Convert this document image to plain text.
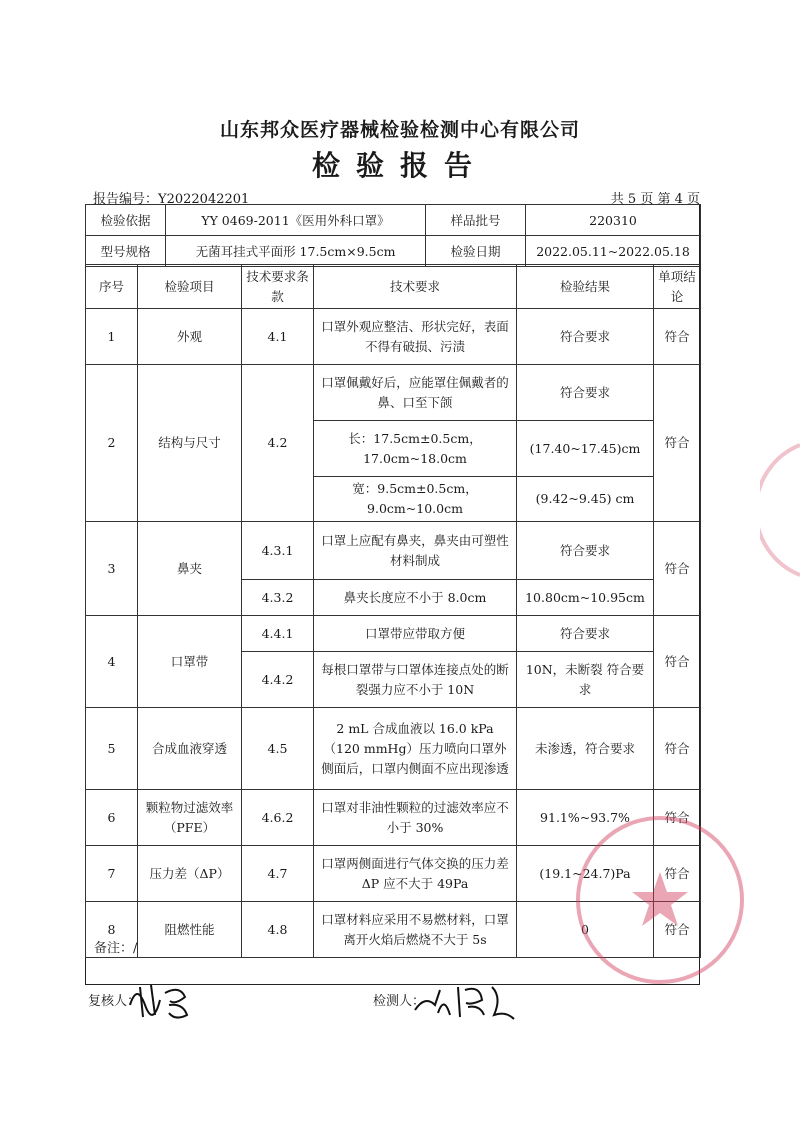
山东邦众医疗器械检验检测中心有限公司
检验报告
报告编号：Y2022042201	共 5 页 第 4 页
检验依据	YY 0469-2011《医用外科口罩》	样品批号	220310
型号规格	无菌耳挂式平面形 17.5cm×9.5cm	检验日期	2022.05.11~2022.05.18
序号	检验项目	技术要求条款	技术要求	检验结果	单项结论
1	外观	4.1	口罩外观应整洁、形状完好，表面不得有破损、污渍	符合要求	符合
2	结构与尺寸	4.2	口罩佩戴好后，应能罩住佩戴者的鼻、口至下颌	符合要求	符合
			长：17.5cm±0.5cm，17.0cm~18.0cm	(17.40~17.45)cm	
			宽：9.5cm±0.5cm，9.0cm~10.0cm	(9.42~9.45) cm	
3	鼻夹	4.3.1	口罩上应配有鼻夹，鼻夹由可塑性材料制成	符合要求	符合
		4.3.2	鼻夹长度应不小于 8.0cm	10.80cm~10.95cm	
4	口罩带	4.4.1	口罩带应带取方便	符合要求	符合
		4.4.2	每根口罩带与口罩体连接点处的断裂强力应不小于 10N	10N，未断裂 符合要求	
5	合成血液穿透	4.5	2 mL 合成血液以 16.0 kPa（120 mmHg）压力喷向口罩外侧面后，口罩内侧面不应出现渗透	未渗透，符合要求	符合
6	颗粒物过滤效率（PFE）	4.6.2	口罩对非油性颗粒的过滤效率应不小于 30%	91.1%~93.7%	符合
7	压力差（ΔP）	4.7	口罩两侧面进行气体交换的压力差ΔP 应不大于 49Pa	(19.1~24.7)Pa	符合
8	阻燃性能	4.8	口罩材料应采用不易燃材料，口罩离开火焰后燃烧不大于 5s	0	符合
备注：/
复核人：	检测人：
